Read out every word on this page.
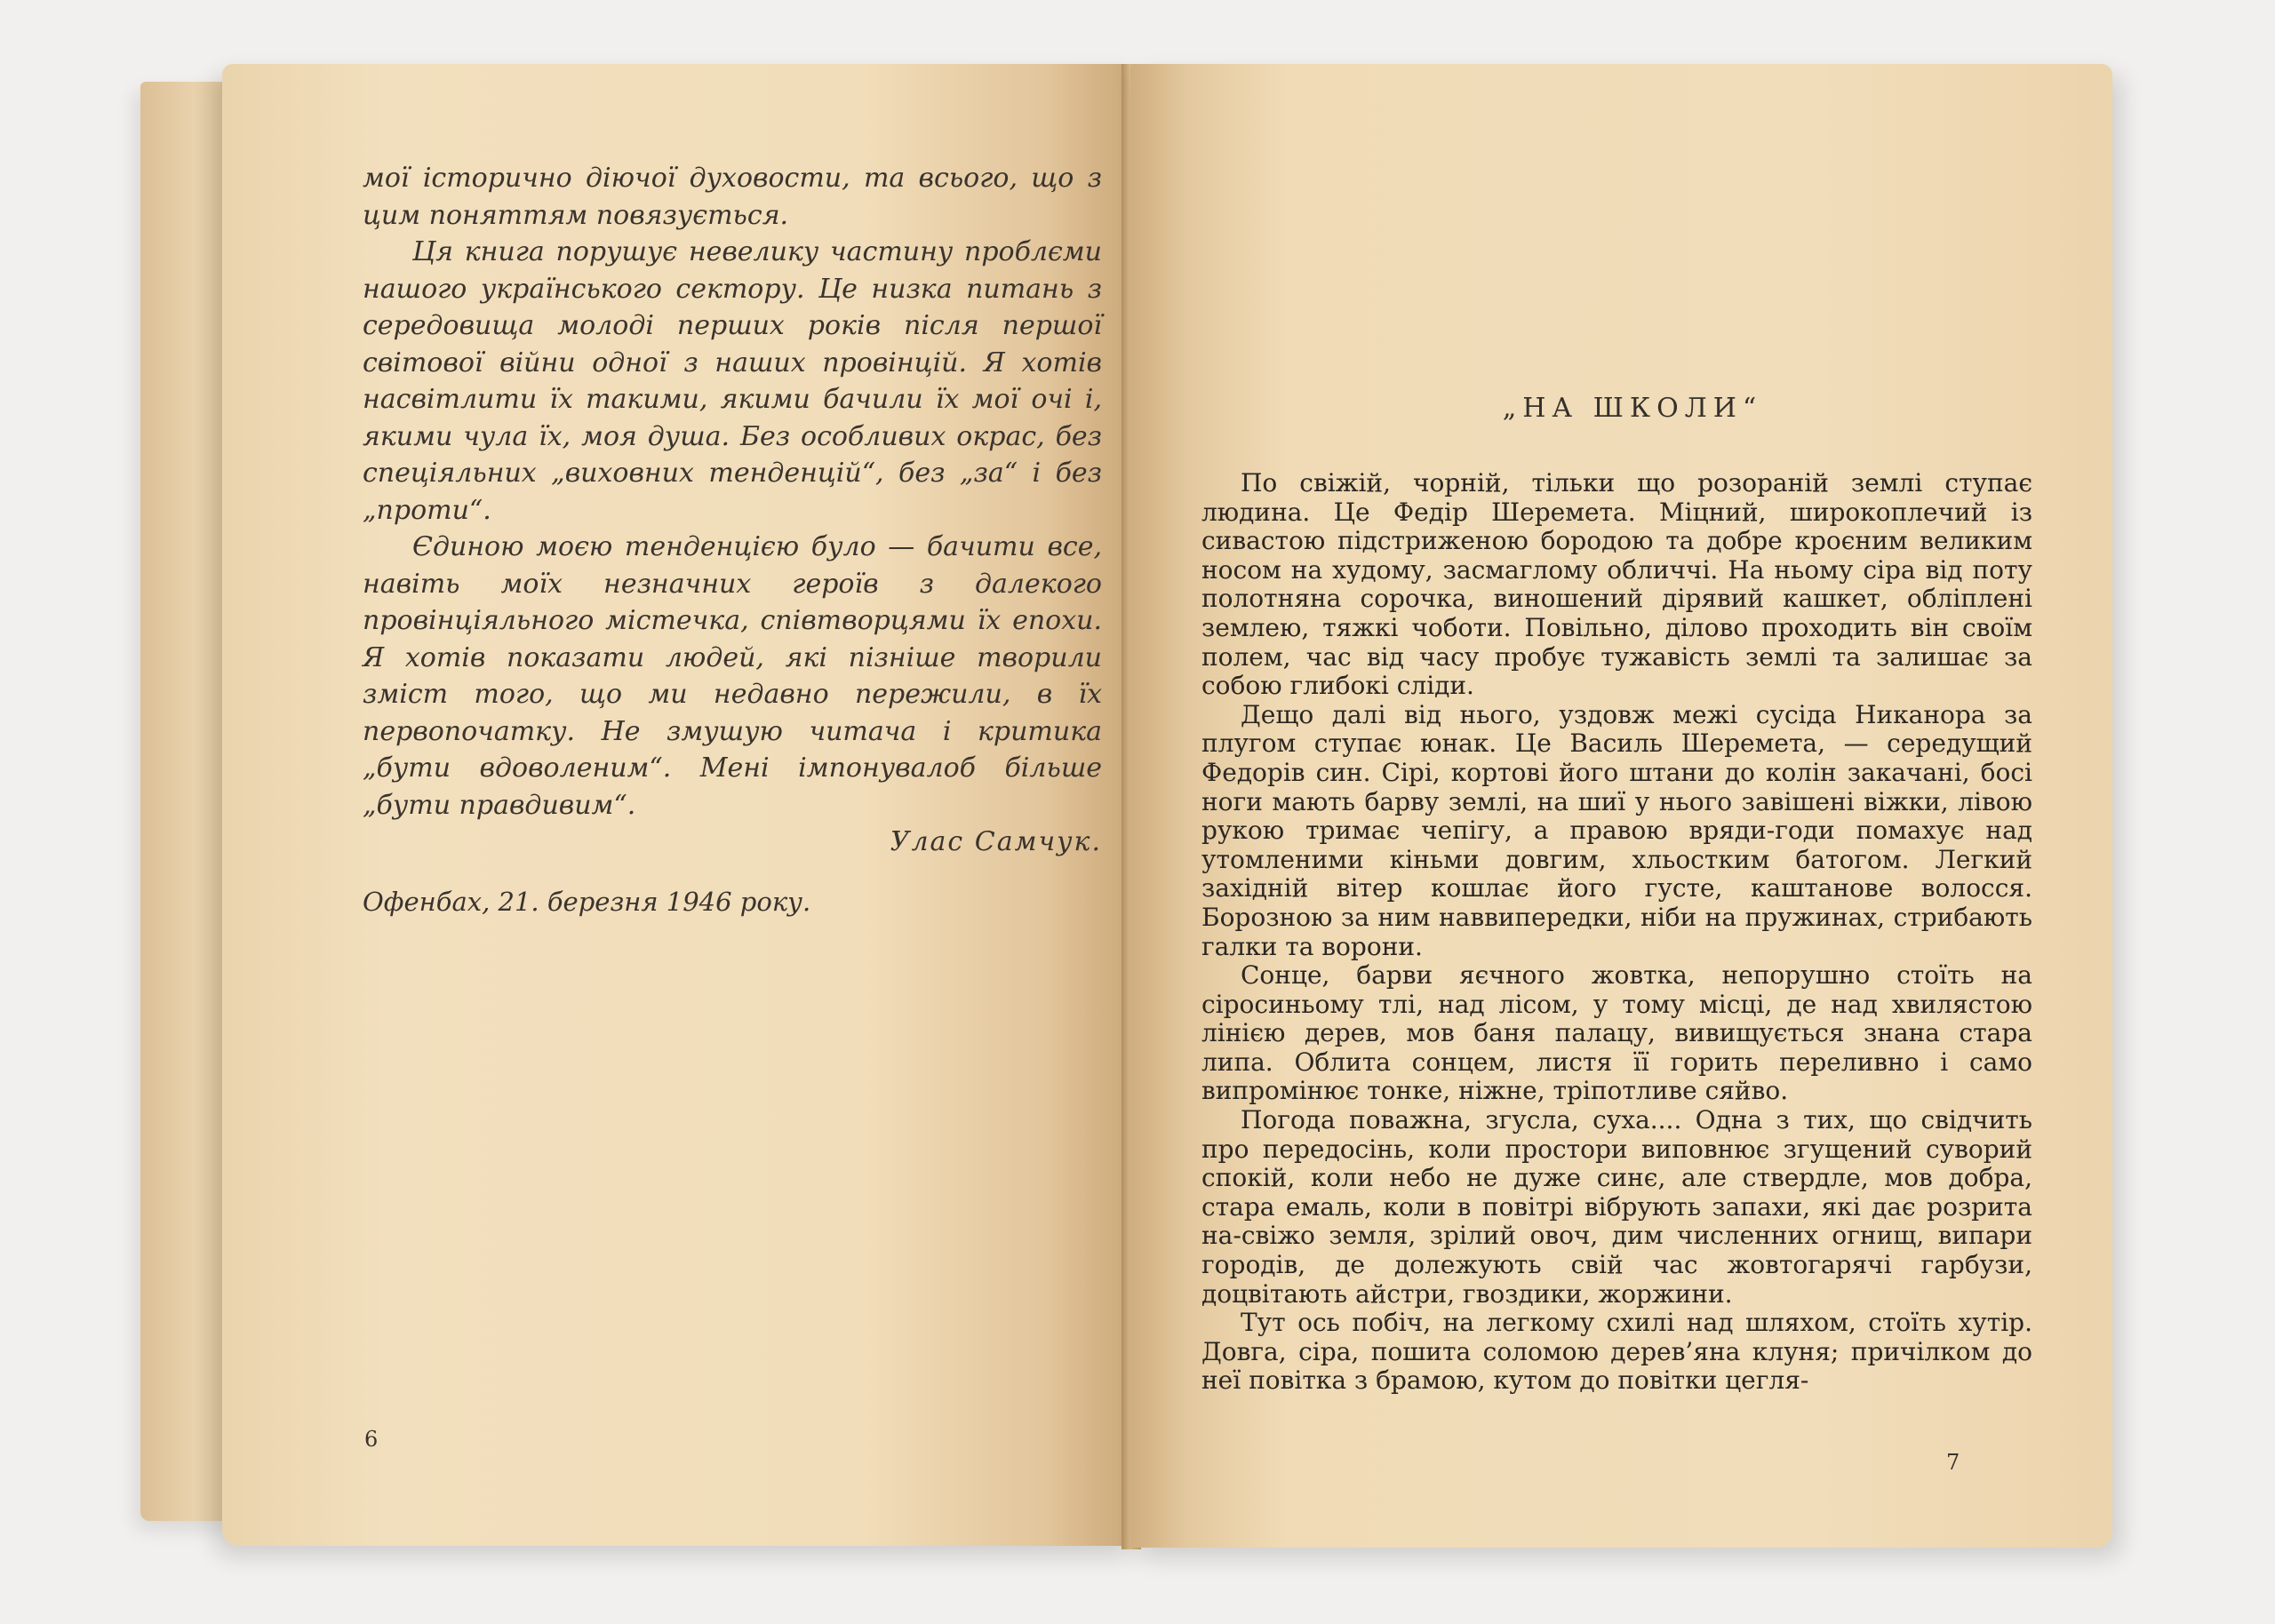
мої історично діючої духовости, та всього, що з цим поняттям повязується.

Ця книга порушує невелику частину проблєми нашого українського сектору. Це низка питань з середовища молоді перших років після першої світової війни одної з наших провінцій. Я хотів насвітлити їх такими, якими бачили їх мої очі і, якими чула їх, моя душа. Без особливих окрас, без спеціяльних „виховних тенденцій“, без „за“ і без „проти“.

Єдиною моєю тенденцією було — бачити все, навіть моїх незначних героїв з далекого провінціяльного містечка, співтворцями їх епохи. Я хотів показати людей, які пізніше творили зміст того, що ми недавно пережили, в їх первопочатку. Не змушую читача і критика „бути вдоволеним“. Мені імпонувалоб більше „бути правдивим“.

Улас Самчук.
Офенбах, 21. березня 1946 року.
6
„НА ШКОЛИ“

По свіжій, чорній, тільки що розораній землі ступає людина. Це Федір Шеремета. Міцний, широкоплечий із сивастою підстриженою бородою та добре кроєним великим носом на худому, засмаглому обличчі. На ньому сіра від поту полотняна сорочка, виношений дірявий кашкет, обліплені землею, тяжкі чоботи. Повільно, ділово проходить він своїм полем, час від часу пробує тужавість землі та залишає за собою глибокі сліди.

Дещо далі від нього, уздовж межі сусіда Никанора за плугом ступає юнак. Це Василь Шеремета, — середущий Федорів син. Сірі, кортові його штани до колін закачані, босі ноги мають барву землі, на шиї у нього завішені віжки, лівою рукою тримає чепігу, а правою вряди-годи помахує над утомленими кіньми довгим, хльостким батогом. Легкий західній вітер кошлає його густе, каштанове волосся. Борозною за ним наввипередки, ніби на пружинах, стрибають галки та ворони.

Сонце, барви яєчного жовтка, непорушно стоїть на сіросиньому тлі, над лісом, у тому місці, де над хвилястою лінією дерев, мов баня палацу, вивищується знана стара липа. Облита сонцем, листя її горить переливно і само випромінює тонке, ніжне, тріпотливе сяйво.

Погода поважна, згусла, суха.... Одна з тих, що свідчить про передосінь, коли простори виповнює згущений суворий спокій, коли небо не дуже синє, але ствердле, мов добра, стара емаль, коли в повітрі вібрують запахи, які дає розрита на-свіжо земля, зрілий овоч, дим численних огнищ, випари городів, де долежують свій час жовтогарячі гарбузи, доцвітають айстри, гвоздики, жоржини.

Тут ось побіч, на легкому схилі над шляхом, стоїть хутір. Довга, сіра, пошита соломою дерев’яна клуня; причілком до неї повітка з брамою, кутом до повітки цегля-

7
